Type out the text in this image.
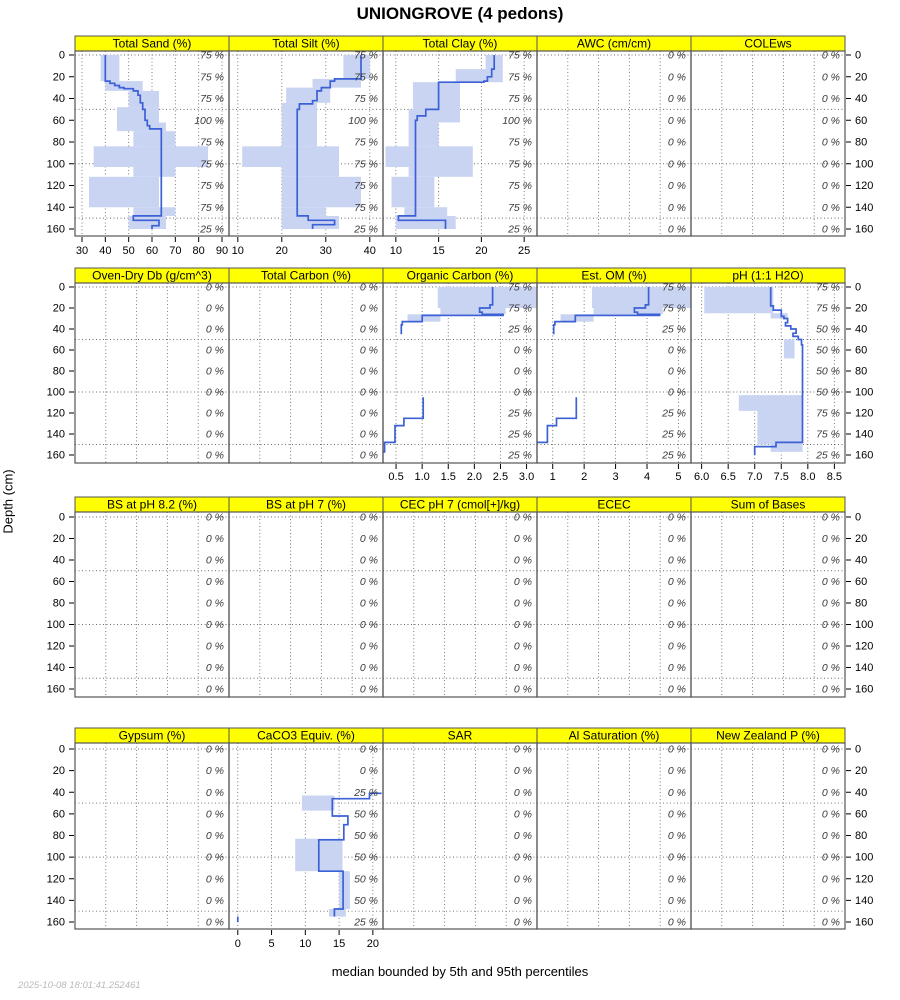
UNIONGROVE (4 pedons)
Depth (cm)
0	0
20	20
40	40
60	60
80	80
100	100
120	120
140	140
160	160
Total Sand (%)
75 %
75 %
75 %
100 %
75 %
75 %
75 %
75 %
25 %
30 40 50 60 70 80 90
Total Silt (%)
75 %
75 %
75 %
100 %
75 %
75 %
75 %
75 %
25 %
10	20	30	40
Total Clay (%)
75 %
75 %
75 %
100 %
75 %
75 %
75 %
75 %
25 %
10	15	20	25
AWC (cm/cm)
0 %
0 %
0 %
0 %
0 %
0 %
0 %
0 %
0 %
COLEws
0 %
0 %
0 %
0 %
0 %
0 %
0 %
0 %
0 %
0	0
20	20
40	40
60	60
80	80
100	100
120	120
140	140
160	160
Oven-Dry Db (g/cm^3)
0 %
0 %
0 %
0 %
0 %
0 %
0 %
0 %
0 %
Total Carbon (%)
0 %
0 %
0 %
0 %
0 %
0 %
0 %
0 %
0 %
Organic Carbon (%)
75 %
75 %
25 %
0 %
0 %
0 %
25 %
25 %
25 %
0.5 1.0 1.5 2.0 2.5 3.0
Est. OM (%)
75 %
75 %
25 %
0 %
0 %
0 %
25 %
25 %
25 %
1 2 3 4 5
pH (1:1 H2O)
75 %
75 %
50 %
50 %
50 %
50 %
75 %
75 %
25 %
6.0 6.5 7.0 7.5 8.0 8.5
0	0
20	20
40	40
60	60
80	80
100	100
120	120
140	140
160	160
BS at pH 8.2 (%)
0 %
0 %
0 %
0 %
0 %
0 %
0 %
0 %
0 %
BS at pH 7 (%)
0 %
0 %
0 %
0 %
0 %
0 %
0 %
0 %
0 %
CEC pH 7 (cmol[+]/kg)
0 %
0 %
0 %
0 %
0 %
0 %
0 %
0 %
0 %
ECEC
0 %
0 %
0 %
0 %
0 %
0 %
0 %
0 %
0 %
Sum of Bases
0 %
0 %
0 %
0 %
0 %
0 %
0 %
0 %
0 %
0	0
20	20
40	40
60	60
80	80
100	100
120	120
140	140
160	160
Gypsum (%)
0 %
0 %
0 %
0 %
0 %
0 %
0 %
0 %
0 %
CaCO3 Equiv. (%)
0 %
0 %
25 %
50 %
50 %
50 %
50 %
50 %
25 %
0	5 10 15 20
SAR
0 %
0 %
0 %
0 %
0 %
0 %
0 %
0 %
0 %
Al Saturation (%)
0 %
0 %
0 %
0 %
0 %
0 %
0 %
0 %
0 %
New Zealand P (%)
0 %
0 %
0 %
0 %
0 %
0 %
0 %
0 %
0 %
median bounded by 5th and 95th percentiles
2025-10-08 18:01:41.252461
